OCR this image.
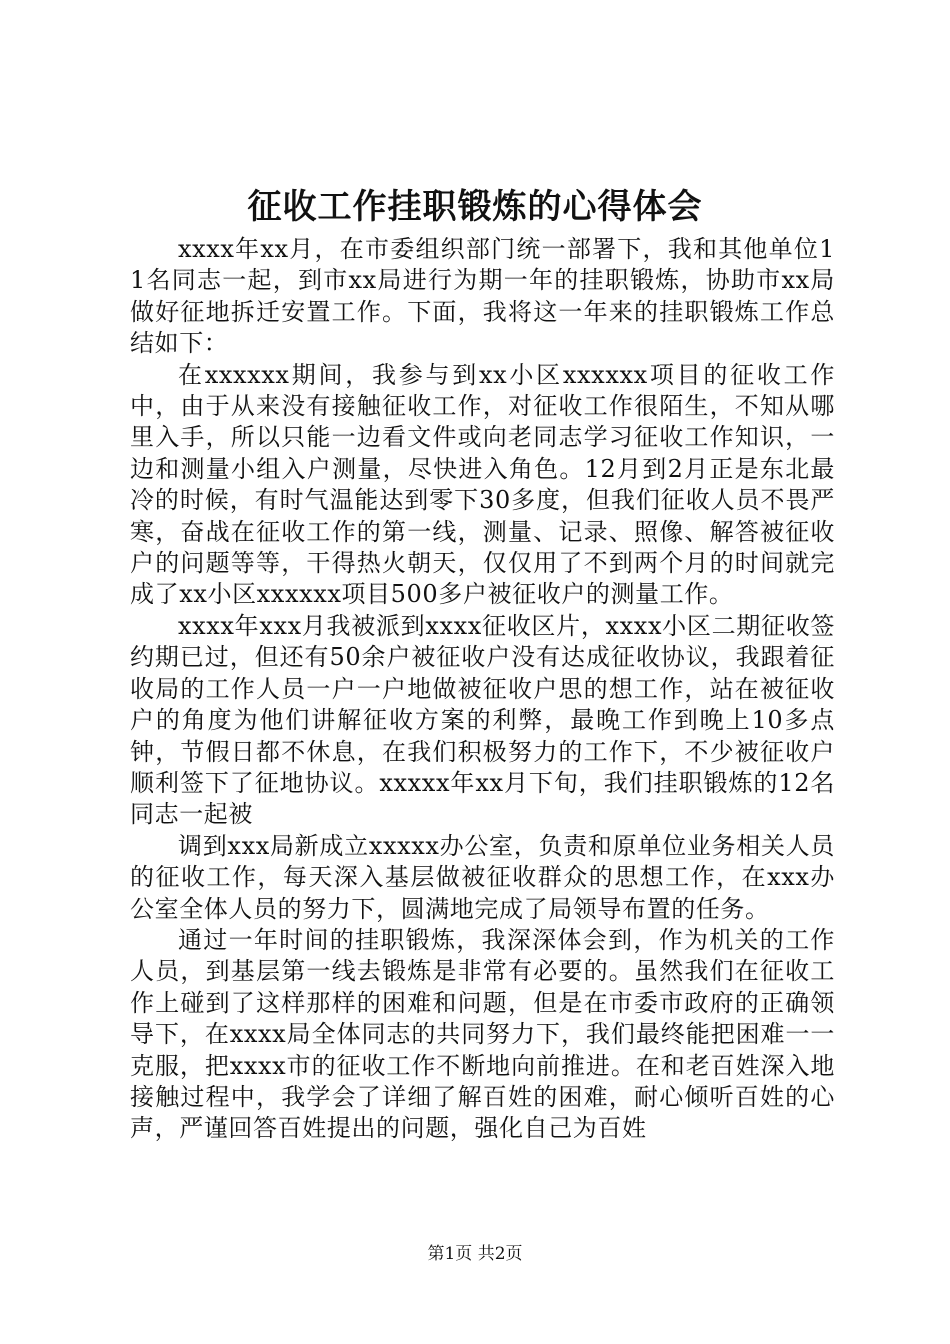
征收工作挂职锻炼的心得体会

xxxx年xx月，在市委组织部门统一部署下，我和其他单位11名同志一起，到市xx局进行为期一年的挂职锻炼，协助市xx局做好征地拆迁安置工作。下面，我将这一年来的挂职锻炼工作总结如下：

在xxxxxx期间，我参与到xx小区xxxxxx项目的征收工作中，由于从来没有接触征收工作，对征收工作很陌生，不知从哪里入手，所以只能一边看文件或向老同志学习征收工作知识，一边和测量小组入户测量，尽快进入角色。12月到2月正是东北最冷的时候，有时气温能达到零下30多度，但我们征收人员不畏严寒，奋战在征收工作的第一线，测量、记录、照像、解答被征收户的问题等等，干得热火朝天，仅仅用了不到两个月的时间就完成了xx小区xxxxxx项目500多户被征收户的测量工作。

xxxx年xxx月我被派到xxxx征收区片，xxxx小区二期征收签约期已过，但还有50余户被征收户没有达成征收协议，我跟着征收局的工作人员一户一户地做被征收户思的想工作，站在被征收户的角度为他们讲解征收方案的利弊，最晚工作到晚上10多点钟，节假日都不休息，在我们积极努力的工作下，不少被征收户顺利签下了征地协议。xxxxx年xx月下旬，我们挂职锻炼的12名同志一起被

调到xxx局新成立xxxxx办公室，负责和原单位业务相关人员的征收工作，每天深入基层做被征收群众的思想工作，在xxx办公室全体人员的努力下，圆满地完成了局领导布置的任务。

通过一年时间的挂职锻炼，我深深体会到，作为机关的工作人员，到基层第一线去锻炼是非常有必要的。虽然我们在征收工作上碰到了这样那样的困难和问题，但是在市委市政府的正确领导下，在xxxx局全体同志的共同努力下，我们最终能把困难一一克服，把xxxx市的征收工作不断地向前推进。在和老百姓深入地接触过程中，我学会了详细了解百姓的困难，耐心倾听百姓的心声，严谨回答百姓提出的问题，强化自己为百姓

第1页 共2页
